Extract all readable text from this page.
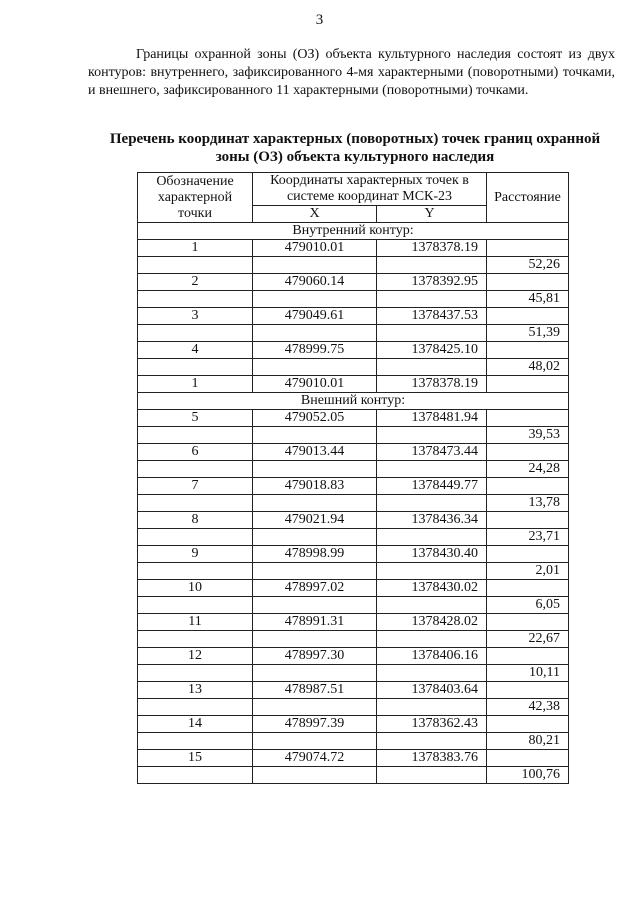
3

Границы охранной зоны (ОЗ) объекта культурного наследия состоят из двух контуров: внутреннего, зафиксированного 4-мя характерными (поворотными) точками, и внешнего, зафиксированного 11 характерными (поворотными) точками.

Перечень координат характерных (поворотных) точек границ охранной зоны (ОЗ) объекта культурного наследия
Обозначение характерной точки	Координаты характерных точек в системе координат МСК-23		Расстояние
	X	Y	
Внутренний контур:			
1	479010.01	1378378.19	
			52,26
2	479060.14	1378392.95	
			45,81
3	479049.61	1378437.53	
			51,39
4	478999.75	1378425.10	
			48,02
1	479010.01	1378378.19	
Внешний контур:			
5	479052.05	1378481.94	
			39,53
6	479013.44	1378473.44	
			24,28
7	479018.83	1378449.77	
			13,78
8	479021.94	1378436.34	
			23,71
9	478998.99	1378430.40	
			2,01
10	478997.02	1378430.02	
			6,05
11	478991.31	1378428.02	
			22,67
12	478997.30	1378406.16	
			10,11
13	478987.51	1378403.64	
			42,38
14	478997.39	1378362.43	
			80,21
15	479074.72	1378383.76	
			100,76
